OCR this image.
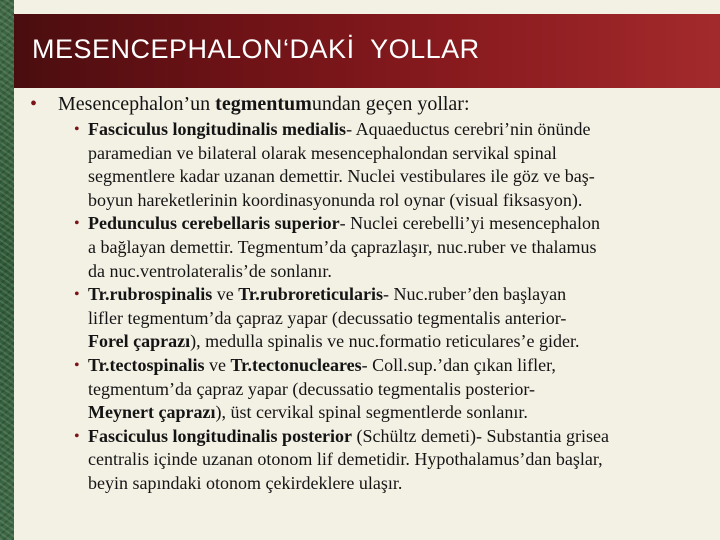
MESENCEPHALON‘DAKİ  YOLLAR
• Mesencephalon’un tegmentumundan geçen yollar:
• Fasciculus longitudinalis medialis- Aquaeductus cerebri’nin önünde
paramedian ve bilateral olarak mesencephalondan servikal spinal
segmentlere kadar uzanan demettir. Nuclei vestibulares ile göz ve baş-
boyun hareketlerinin koordinasyonunda rol oynar (visual fiksasyon).
• Pedunculus cerebellaris superior- Nuclei cerebelli’yi mesencephalon
a bağlayan demettir. Tegmentum’da çaprazlaşır, nuc.ruber ve thalamus
da nuc.ventrolateralis’de sonlanır.
• Tr.rubrospinalis ve Tr.rubroreticularis- Nuc.ruber’den başlayan
lifler tegmentum’da çapraz yapar (decussatio tegmentalis anterior-
Forel çaprazı), medulla spinalis ve nuc.formatio reticulares’e gider.
• Tr.tectospinalis ve Tr.tectonucleares- Coll.sup.’dan çıkan lifler,
tegmentum’da çapraz yapar (decussatio tegmentalis posterior-
Meynert çaprazı), üst cervikal spinal segmentlerde sonlanır.
• Fasciculus longitudinalis posterior (Schültz demeti)- Substantia grisea
centralis içinde uzanan otonom lif demetidir. Hypothalamus’dan başlar,
beyin sapındaki otonom çekirdeklere ulaşır.
